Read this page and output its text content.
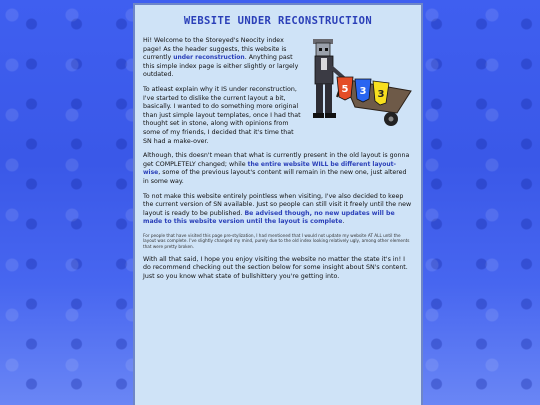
WEBSITE UNDER RECONSTRUCTION
5 3 3

Hi! Welcome to the Storeyed's Neocity index page! As the header suggests, this website is currently under reconstruction. Anything past this simple index page is either slightly or largely outdated.

To atleast explain why it IS under reconstruction, I've started to dislike the current layout a bit, basically. I wanted to do something more original than just simple layout templates, once I had that thought set in stone, along with opinions from some of my friends, I decided that it's time that SN had a make-over.

Although, this doesn't mean that what is currently present in the old layout is gonna get COMPLETELY changed; while the entire website WILL be different layout-wise, some of the previous layout's content will remain in the new one, just altered in some way.

To not make this website entirely pointless when visiting, I've also decided to keep the current version of SN available. Just so people can still visit it freely until the new layout is ready to be published. Be advised though, no new updates will be made to this website version until the layout is complete.

For people that have visited this page pre-stylization, I had mentioned that I would not update my website AT ALL until the layout was complete. I've slightly changed my mind, purely due to the old index looking relatively ugly, among other elements that were pretty broken.

With all that said, I hope you enjoy visiting the website no matter the state it's in! I do recommend checking out the section below for some insight about SN's content. Just so you know what state of bullshittery you're getting into.
